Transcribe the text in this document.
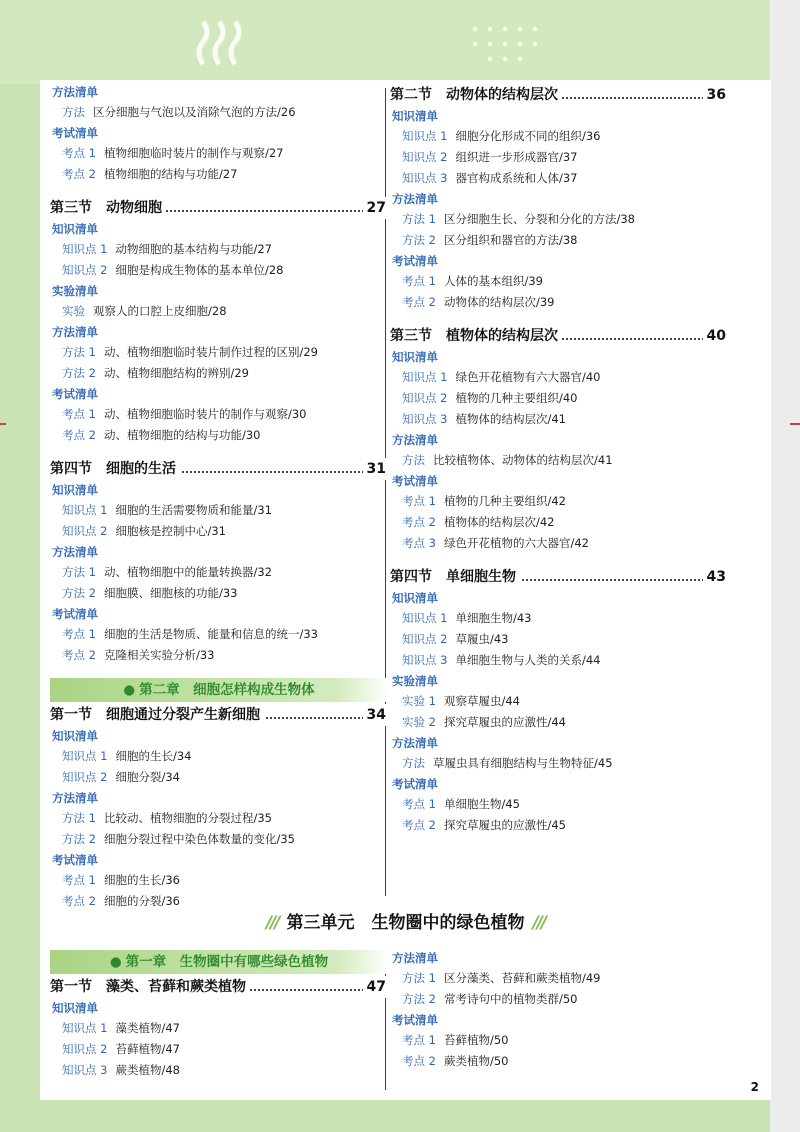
方法清单
方法 区分细胞与气泡以及消除气泡的方法/26
考试清单
考点 1 植物细胞临时装片的制作与观察/27
考点 2 植物细胞的结构与功能/27
第三节　动物细胞	27
知识清单
知识点 1 动物细胞的基本结构与功能/27
知识点 2 细胞是构成生物体的基本单位/28
实验清单
实验 观察人的口腔上皮细胞/28
方法清单
方法 1 动、植物细胞临时装片制作过程的区别/29
方法 2 动、植物细胞结构的辨别/29
考试清单
考点 1 动、植物细胞临时装片的制作与观察/30
考点 2 动、植物细胞的结构与功能/30
第四节　细胞的生活	31
知识清单
知识点 1 细胞的生活需要物质和能量/31
知识点 2 细胞核是控制中心/31
方法清单
方法 1 动、植物细胞中的能量转换器/32
方法 2 细胞膜、细胞核的功能/33
考试清单
考点 1 细胞的生活是物质、能量和信息的统一/33
考点 2 克隆相关实验分析/33
● 第二章　细胞怎样构成生物体
第一节　细胞通过分裂产生新细胞	34
知识清单
知识点 1 细胞的生长/34
知识点 2 细胞分裂/34
方法清单
方法 1 比较动、植物细胞的分裂过程/35
方法 2 细胞分裂过程中染色体数量的变化/35
考试清单
考点 1 细胞的生长/36
考点 2 细胞的分裂/36
第二节　动物体的结构层次	36
知识清单
知识点 1 细胞分化形成不同的组织/36
知识点 2 组织进一步形成器官/37
知识点 3 器官构成系统和人体/37
方法清单
方法 1 区分细胞生长、分裂和分化的方法/38
方法 2 区分组织和器官的方法/38
考试清单
考点 1 人体的基本组织/39
考点 2 动物体的结构层次/39
第三节　植物体的结构层次	40
知识清单
知识点 1 绿色开花植物有六大器官/40
知识点 2 植物的几种主要组织/40
知识点 3 植物体的结构层次/41
方法清单
方法 比较植物体、动物体的结构层次/41
考试清单
考点 1 植物的几种主要组织/42
考点 2 植物体的结构层次/42
考点 3 绿色开花植物的六大器官/42
第四节　单细胞生物	43
知识清单
知识点 1 单细胞生物/43
知识点 2 草履虫/43
知识点 3 单细胞生物与人类的关系/44
实验清单
实验 1 观察草履虫/44
实验 2 探究草履虫的应激性/44
方法清单
方法 草履虫具有细胞结构与生物特征/45
考试清单
考点 1 单细胞生物/45
考点 2 探究草履虫的应激性/45
/// 第三单元　生物圈中的绿色植物 ///
● 第一章　生物圈中有哪些绿色植物
第一节　藻类、苔藓和蕨类植物	47
知识清单
知识点 1 藻类植物/47
知识点 2 苔藓植物/47
知识点 3 蕨类植物/48
方法清单
方法 1 区分藻类、苔藓和蕨类植物/49
方法 2 常考诗句中的植物类群/50
考试清单
考点 1 苔藓植物/50
考点 2 蕨类植物/50
2
